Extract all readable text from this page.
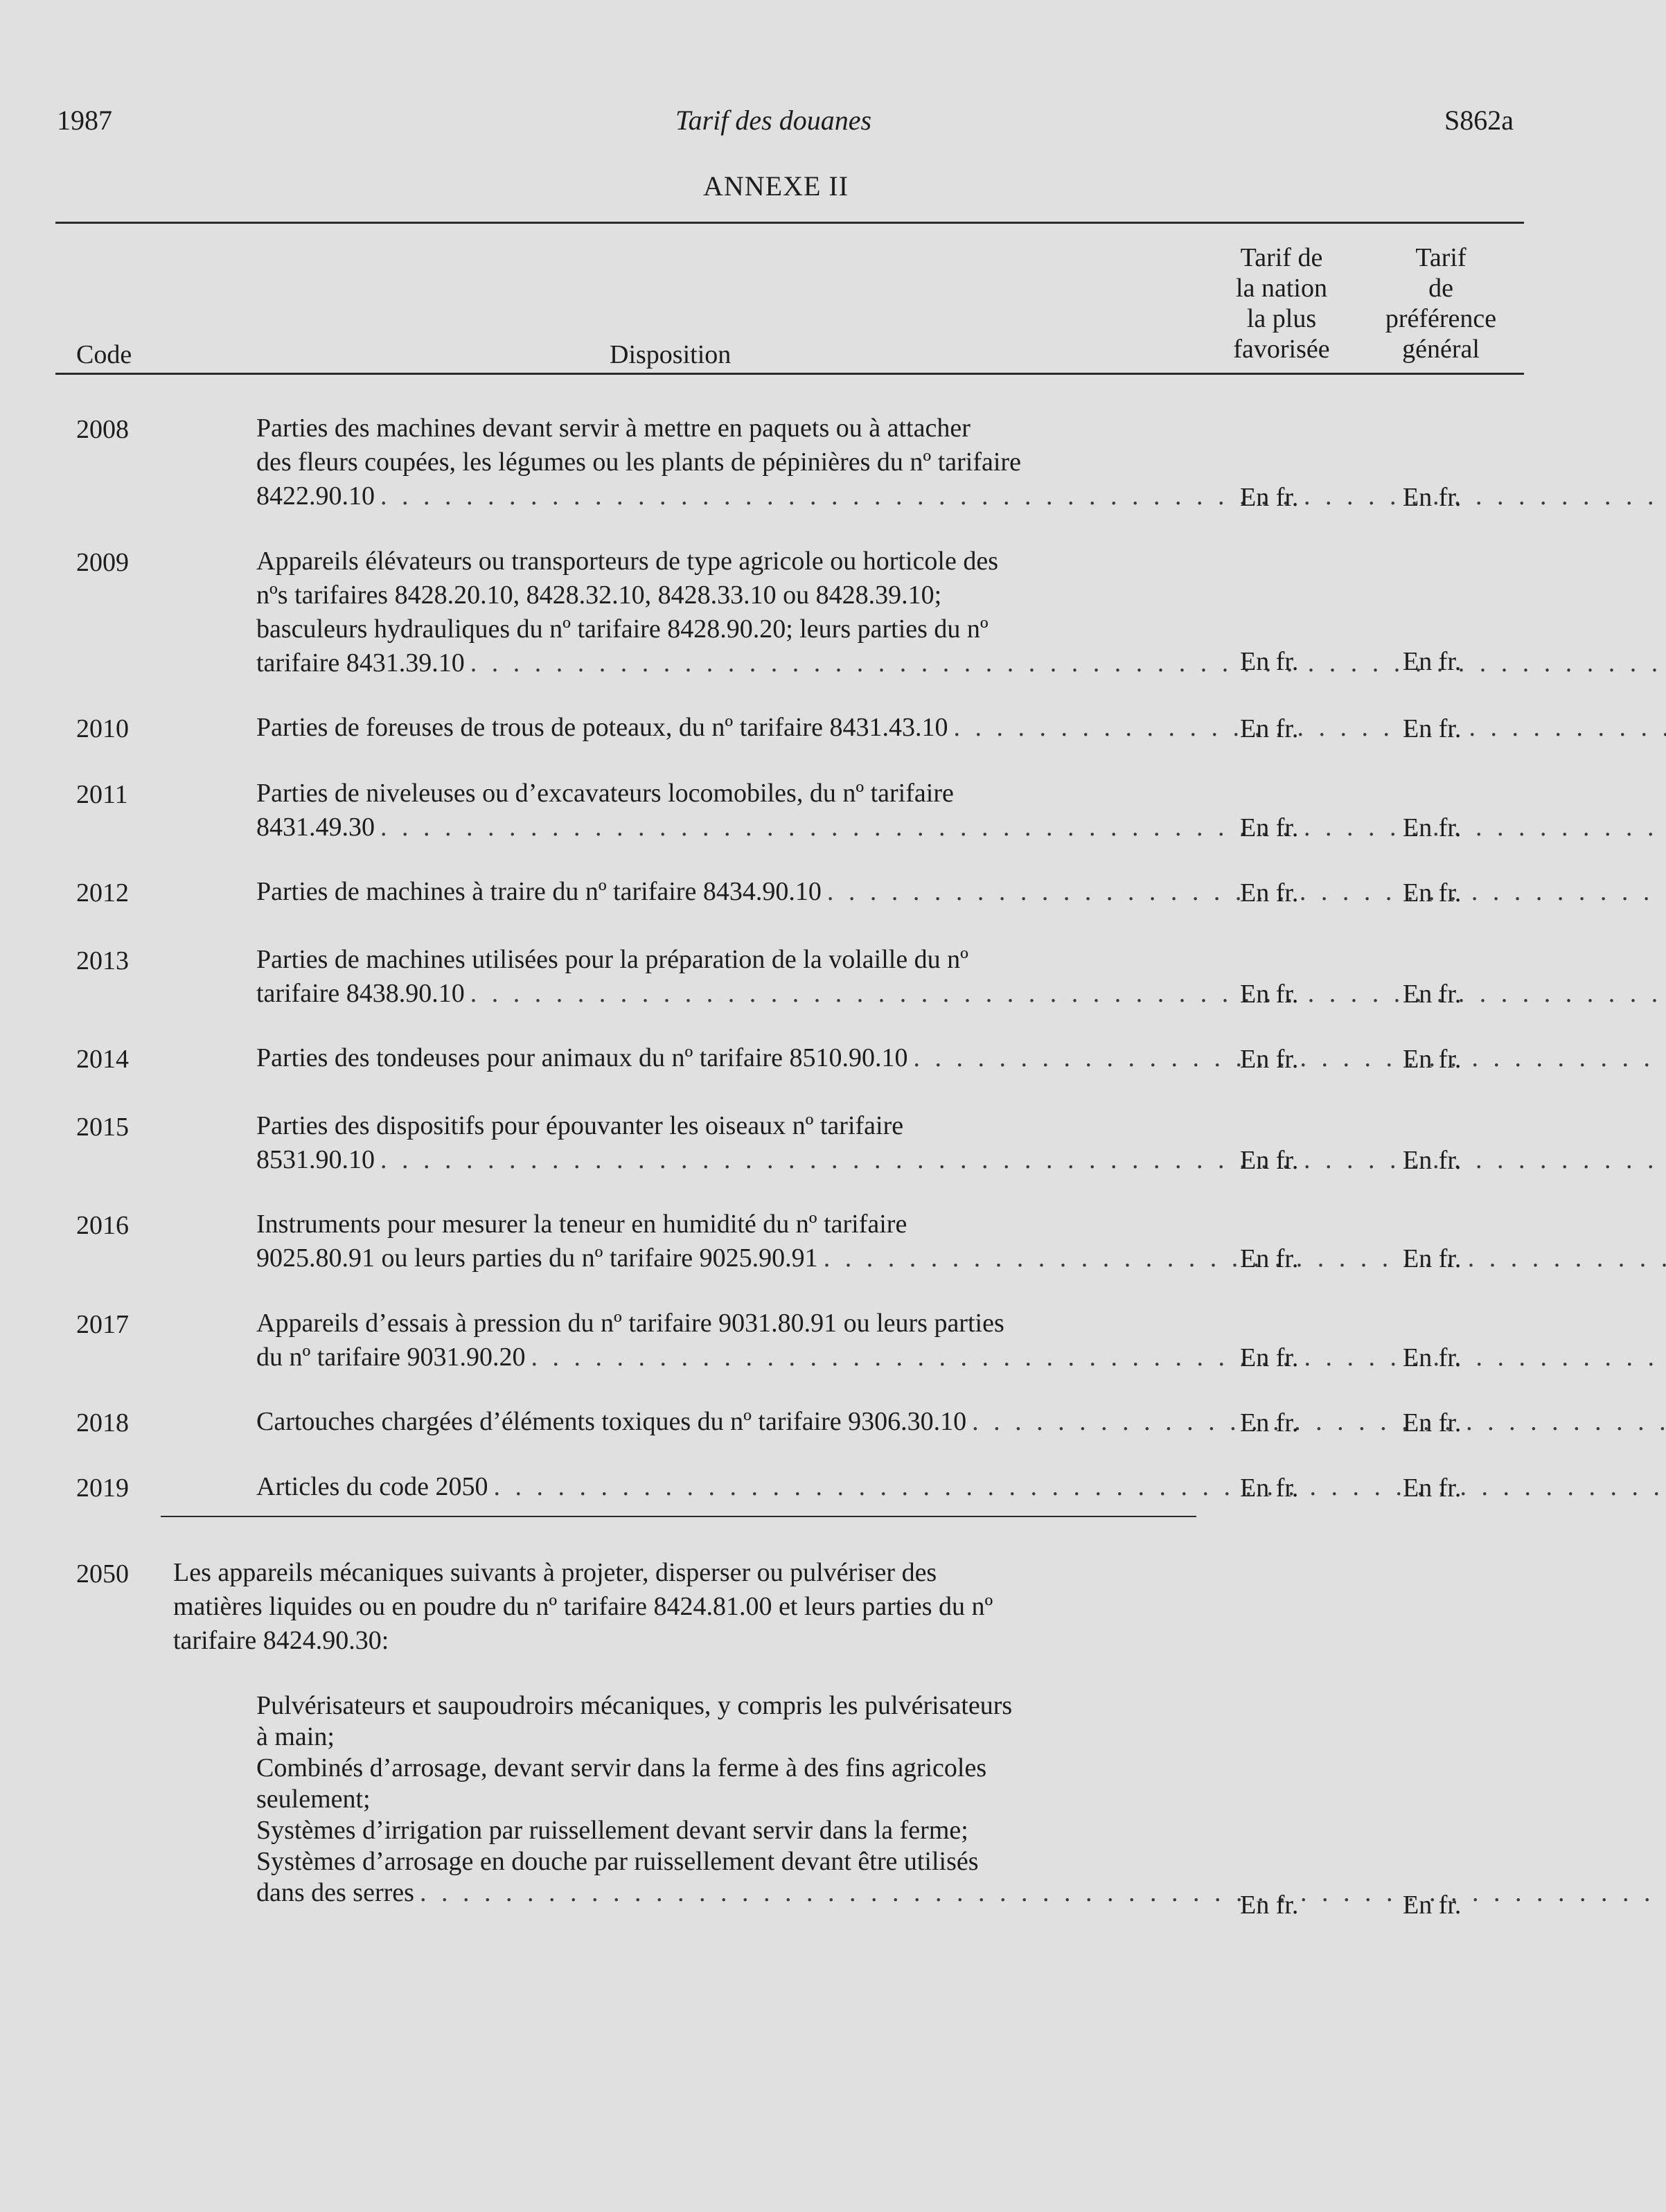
1987	Tarif des douanes	S862a
ANNEXE II
Code	Disposition
Tarif de
la nation
la plus
favorisée
Tarif
de
préférence
général
2008	Parties des machines devant servir à mettre en paquets ou à attacher
des fleurs coupées, les légumes ou les plants de pépinières du nº tarifaire
8422.90.10 . . .	En fr.	En fr.
2009	Appareils élévateurs ou transporteurs de type agricole ou horticole des
nºs tarifaires 8428.20.10, 8428.32.10, 8428.33.10 ou 8428.39.10;
basculeurs hydrauliques du nº tarifaire 8428.90.20; leurs parties du nº
tarifaire 8431.39.10 . . .	En fr.	En fr.
2010	Parties de foreuses de trous de poteaux, du nº tarifaire 8431.43.10 . . .	En fr.	En fr.
2011	Parties de niveleuses ou d’excavateurs locomobiles, du nº tarifaire
8431.49.30 . . .	En fr.	En fr.
2012	Parties de machines à traire du nº tarifaire 8434.90.10 . . .	En fr.	En fr.
2013	Parties de machines utilisées pour la préparation de la volaille du nº
tarifaire 8438.90.10 . . .	En fr.	En fr.
2014	Parties des tondeuses pour animaux du nº tarifaire 8510.90.10 . . .	En fr.	En fr.
2015	Parties des dispositifs pour épouvanter les oiseaux nº tarifaire
8531.90.10 . . .	En fr.	En fr.
2016	Instruments pour mesurer la teneur en humidité du nº tarifaire
9025.80.91 ou leurs parties du nº tarifaire 9025.90.91 . . .	En fr.	En fr.
2017	Appareils d’essais à pression du nº tarifaire 9031.80.91 ou leurs parties
du nº tarifaire 9031.90.20 . . .	En fr.	En fr.
2018	Cartouches chargées d’éléments toxiques du nº tarifaire 9306.30.10 . . .	En fr.	En fr.
2019	Articles du code 2050 . . .	En fr.	En fr.
2050 Les appareils mécaniques suivants à projeter, disperser ou pulvériser des
matières liquides ou en poudre du nº tarifaire 8424.81.00 et leurs parties du nº
tarifaire 8424.90.30:
Pulvérisateurs et saupoudroirs mécaniques, y compris les pulvérisateurs
à main;
Combinés d’arrosage, devant servir dans la ferme à des fins agricoles
seulement;
Systèmes d’irrigation par ruissellement devant servir dans la ferme;
Systèmes d’arrosage en douche par ruissellement devant être utilisés
dans des serres . . .	En fr.	En fr.
